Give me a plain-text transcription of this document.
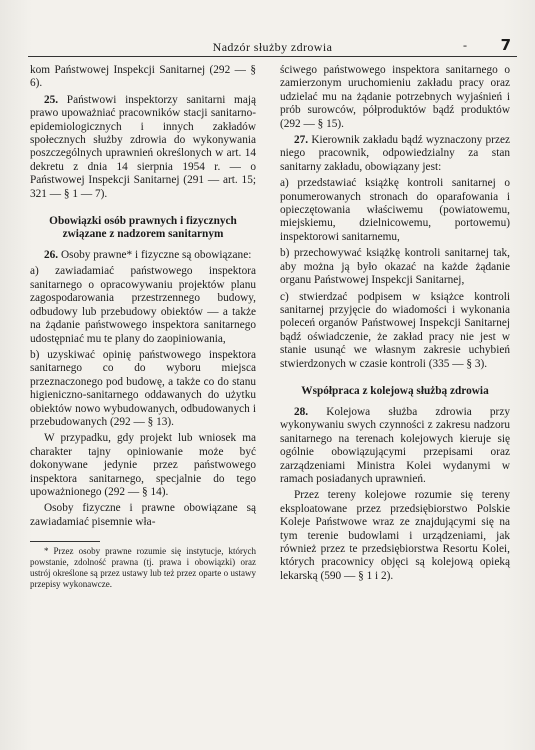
Nadzór służby zdrowia	- 7

kom Państwowej Inspekcji Sanitarnej (292 — § 6).

25. Państwowi inspektorzy sanitarni mają prawo upoważniać pracowników stacji sanitarno-epidemiologicznych i innych zakładów społecznych służby zdrowia do wykonywania poszczególnych uprawnień określonych w art. 14 dekretu z dnia 14 sierpnia 1954 r. — o Państwowej Inspekcji Sanitarnej (291 — art. 15; 321 — § 1 — 7).

Obowiązki osób prawnych i fizycznych związane z nadzorem sanitarnym

26. Osoby prawne* i fizyczne są obowiązane:

a) zawiadamiać państwowego inspektora sanitarnego o opracowywaniu projektów planu zagospodarowania przestrzennego budowy, odbudowy lub przebudowy obiektów — a także na żądanie państwowego inspektora sanitarnego udostępniać mu te plany do zaopiniowania,

b) uzyskiwać opinię państwowego inspektora sanitarnego co do wyboru miejsca przeznaczonego pod budowę, a także co do stanu higieniczno-sanitarnego oddawanych do użytku obiektów nowo wybudowanych, odbudowanych i przebudowanych (292 — § 13).

W przypadku, gdy projekt lub wniosek ma charakter tajny opiniowanie może być dokonywane jedynie przez państwowego inspektora sanitarnego, specjalnie do tego upoważnionego (292 — § 14).

Osoby fizyczne i prawne obowiązane są zawiadamiać pisemnie wła-

* Przez osoby prawne rozumie się instytucje, których powstanie, zdolność prawna (tj. prawa i obowiązki) oraz ustrój określone są przez ustawy lub też przez oparte o ustawy przepisy wykonawcze.

ściwego państwowego inspektora sanitarnego o zamierzonym uruchomieniu zakładu pracy oraz udzielać mu na żądanie potrzebnych wyjaśnień i prób surowców, półproduktów bądź produktów (292 — § 15).

27. Kierownik zakładu bądź wyznaczony przez niego pracownik, odpowiedzialny za stan sanitarny zakładu, obowiązany jest:

a) przedstawiać książkę kontroli sanitarnej o ponumerowanych stronach do oparafowania i opieczętowania właściwemu (powiatowemu, miejskiemu, dzielnicowemu, portowemu) inspektorowi sanitarnemu,

b) przechowywać książkę kontroli sanitarnej tak, aby można ją było okazać na każde żądanie organu Państwowej Inspekcji Sanitarnej,

c) stwierdzać podpisem w książce kontroli sanitarnej przyjęcie do wiadomości i wykonania poleceń organów Państwowej Inspekcji Sanitarnej bądź oświadczenie, że zakład pracy nie jest w stanie usunąć we własnym zakresie uchybień stwierdzonych w czasie kontroli (335 — § 3).

Współpraca z kolejową służbą zdrowia

28. Kolejowa służba zdrowia przy wykonywaniu swych czynności z zakresu nadzoru sanitarnego na terenach kolejowych kieruje się ogólnie obowiązującymi przepisami oraz zarządzeniami Ministra Kolei wydanymi w ramach posiadanych uprawnień.

Przez tereny kolejowe rozumie się tereny eksploatowane przez przedsiębiorstwo Polskie Koleje Państwowe wraz ze znajdującymi się na tym terenie budowlami i urządzeniami, jak również przez te przedsiębiorstwa Resortu Kolei, których pracownicy objęci są kolejową opieką lekarską (590 — § 1 i 2).
